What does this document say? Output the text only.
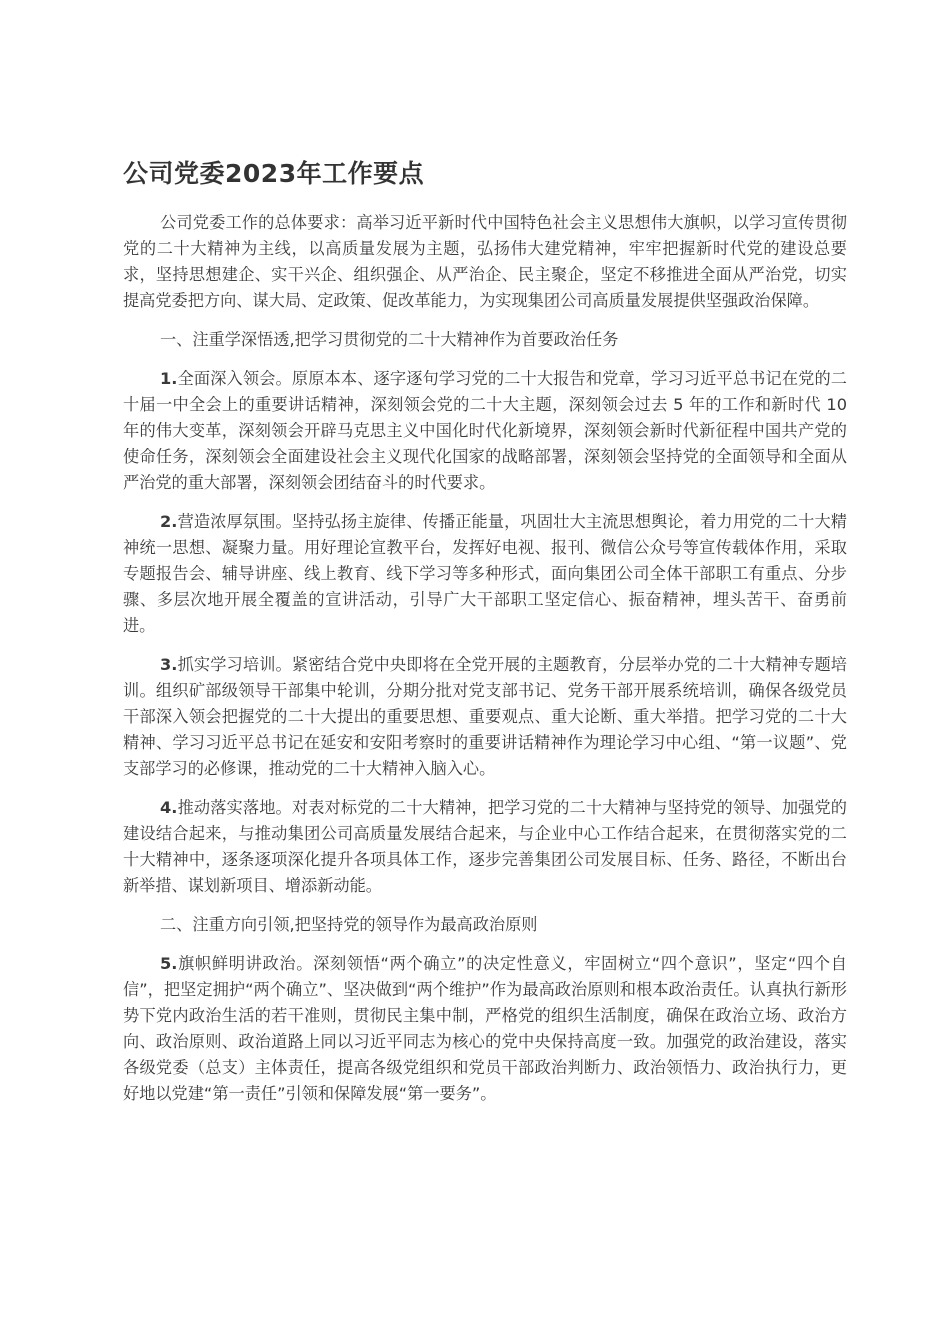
公司党委2023年工作要点

公司党委工作的总体要求：高举习近平新时代中国特色社会主义思想伟大旗帜，以学习宣传贯彻党的二十大精神为主线，以高质量发展为主题，弘扬伟大建党精神，牢牢把握新时代党的建设总要求，坚持思想建企、实干兴企、组织强企、从严治企、民主聚企，坚定不移推进全面从严治党，切实提高党委把方向、谋大局、定政策、促改革能力，为实现集团公司高质量发展提供坚强政治保障。

一、注重学深悟透,把学习贯彻党的二十大精神作为首要政治任务

1.全面深入领会。原原本本、逐字逐句学习党的二十大报告和党章，学习习近平总书记在党的二十届一中全会上的重要讲话精神，深刻领会党的二十大主题，深刻领会过去 5 年的工作和新时代 10 年的伟大变革，深刻领会开辟马克思主义中国化时代化新境界，深刻领会新时代新征程中国共产党的使命任务，深刻领会全面建设社会主义现代化国家的战略部署，深刻领会坚持党的全面领导和全面从严治党的重大部署，深刻领会团结奋斗的时代要求。

2.营造浓厚氛围。坚持弘扬主旋律、传播正能量，巩固壮大主流思想舆论，着力用党的二十大精神统一思想、凝聚力量。用好理论宣教平台，发挥好电视、报刊、微信公众号等宣传载体作用，采取专题报告会、辅导讲座、线上教育、线下学习等多种形式，面向集团公司全体干部职工有重点、分步骤、多层次地开展全覆盖的宣讲活动，引导广大干部职工坚定信心、振奋精神，埋头苦干、奋勇前进。

3.抓实学习培训。紧密结合党中央即将在全党开展的主题教育，分层举办党的二十大精神专题培训。组织矿部级领导干部集中轮训，分期分批对党支部书记、党务干部开展系统培训，确保各级党员干部深入领会把握党的二十大提出的重要思想、重要观点、重大论断、重大举措。把学习党的二十大精神、学习习近平总书记在延安和安阳考察时的重要讲话精神作为理论学习中心组、“第一议题”、党支部学习的必修课，推动党的二十大精神入脑入心。

4.推动落实落地。对表对标党的二十大精神，把学习党的二十大精神与坚持党的领导、加强党的建设结合起来，与推动集团公司高质量发展结合起来，与企业中心工作结合起来，在贯彻落实党的二十大精神中，逐条逐项深化提升各项具体工作，逐步完善集团公司发展目标、任务、路径，不断出台新举措、谋划新项目、增添新动能。

二、注重方向引领,把坚持党的领导作为最高政治原则

5.旗帜鲜明讲政治。深刻领悟“两个确立”的决定性意义，牢固树立“四个意识”，坚定“四个自信”，把坚定拥护“两个确立”、坚决做到“两个维护”作为最高政治原则和根本政治责任。认真执行新形势下党内政治生活的若干准则，贯彻民主集中制，严格党的组织生活制度，确保在政治立场、政治方向、政治原则、政治道路上同以习近平同志为核心的党中央保持高度一致。加强党的政治建设，落实各级党委（总支）主体责任，提高各级党组织和党员干部政治判断力、政治领悟力、政治执行力，更好地以党建“第一责任”引领和保障发展“第一要务”。
